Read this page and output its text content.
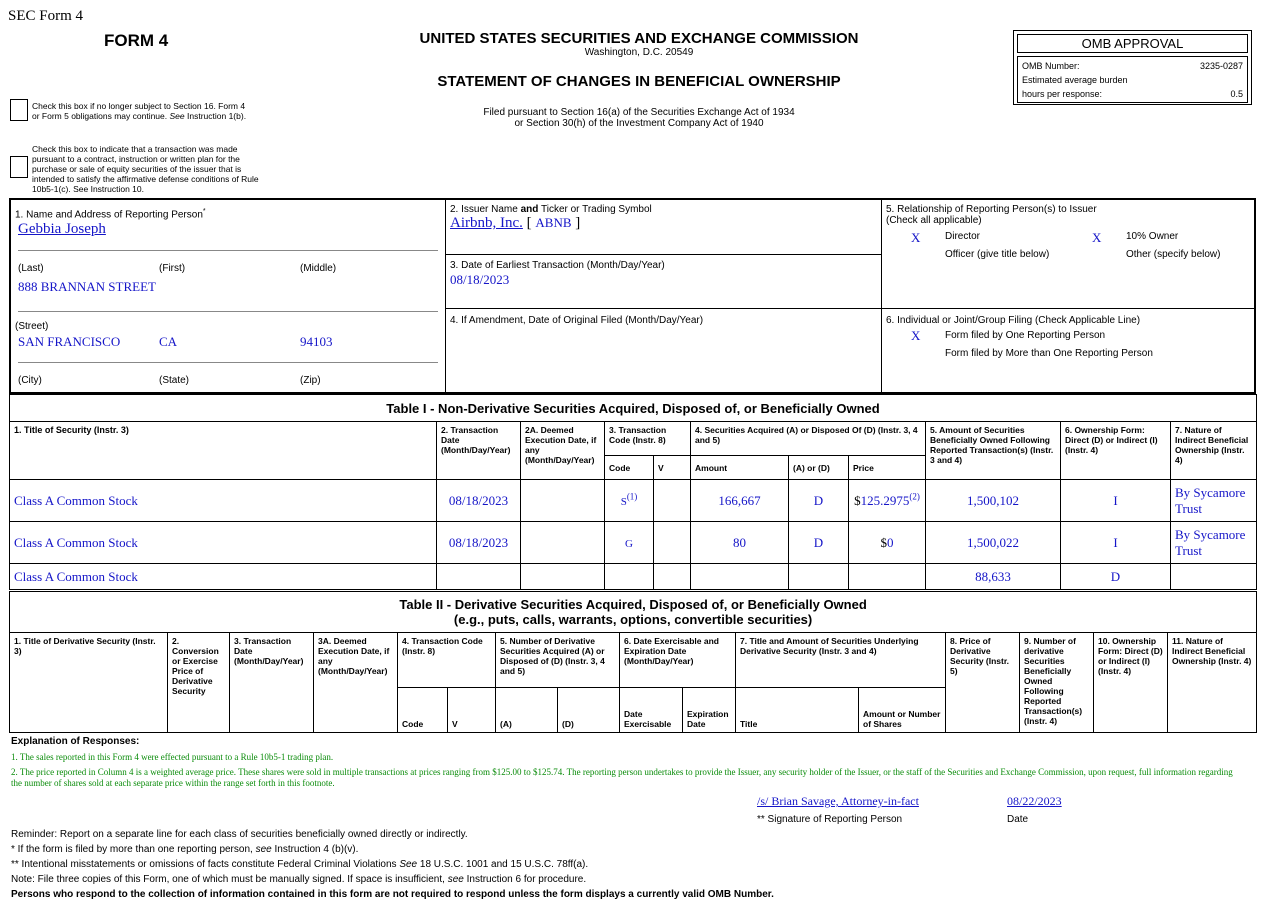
SEC Form 4
FORM 4	UNITED STATES SECURITIES AND EXCHANGE COMMISSION
Washington, D.C. 20549
STATEMENT OF CHANGES IN BENEFICIAL OWNERSHIP
Filed pursuant to Section 16(a) of the Securities Exchange Act of 1934
or Section 30(h) of the Investment Company Act of 1940
OMB APPROVAL
OMB Number:	3235-0287
Estimated average burden
hours per response:	0.5
Check this box if no longer subject to Section 16. Form 4
or Form 5 obligations may continue. See Instruction 1(b).
Check this box to indicate that a transaction was made pursuant to a contract, instruction or written plan for the purchase or sale of equity securities of the issuer that is intended to satisfy the affirmative defense conditions of Rule 10b5-1(c). See Instruction 10.
1. Name and Address of Reporting Person*
Gebbia Joseph
(Last)	(First)	(Middle)
888 BRANNAN STREET
(Street)
SAN FRANCISCO	CA	94103
(City)	(State)	(Zip)
2. Issuer Name and Ticker or Trading Symbol
Airbnb, Inc. [ ABNB ]
3. Date of Earliest Transaction (Month/Day/Year)
08/18/2023
4. If Amendment, Date of Original Filed (Month/Day/Year)
5. Relationship of Reporting Person(s) to Issuer
(Check all applicable)
X Director	X 10% Owner
Officer (give title below)	Other (specify below)
6. Individual or Joint/Group Filing (Check Applicable Line)
X Form filed by One Reporting Person
Form filed by More than One Reporting Person
Table I - Non-Derivative Securities Acquired, Disposed of, or Beneficially Owned										
1. Title of Security (Instr. 3)	2. Transaction Date (Month/Day/Year)	2A. Deemed Execution Date, if any (Month/Day/Year)	3. Transaction Code (Instr. 8)		4. Securities Acquired (A) or Disposed Of (D) (Instr. 3, 4 and 5)			5. Amount of Securities Beneficially Owned Following Reported Transaction(s) (Instr. 3 and 4)	6. Ownership Form: Direct (D) or Indirect (I) (Instr. 4)	7. Nature of Indirect Beneficial Ownership (Instr. 4)
			Code	V	Amount	(A) or (D)	Price			
Class A Common Stock	08/18/2023		S$^{(1)}$		166,667	D	$125.2975$^{(2)}$	1,500,102	I	By Sycamore Trust
Class A Common Stock	08/18/2023		G		80	D	$0	1,500,022	I	By Sycamore Trust
Class A Common Stock								88,633	D	
Table II - Derivative Securities Acquired, Disposed of, or Beneficially Owned
(e.g., puts, calls, warrants, options, convertible securities)															

1. Title of Derivative Security (Instr. 3)	2. Conversion or Exercise Price of Derivative Security	3. Transaction Date (Month/Day/Year)	3A. Deemed Execution Date, if any (Month/Day/Year)	4. Transaction Code (Instr. 8)		5. Number of Derivative Securities Acquired (A) or Disposed of (D) (Instr. 3, 4 and 5)		6. Date Exercisable and Expiration Date (Month/Day/Year)		7. Title and Amount of Securities Underlying Derivative Security (Instr. 3 and 4)		8. Price of Derivative Security (Instr. 5)	9. Number of derivative Securities Beneficially Owned Following Reported Transaction(s) (Instr. 4)	10. Ownership Form: Direct (D) or Indirect (I) (Instr. 4)	11. Nature of Indirect Beneficial Ownership (Instr. 4)
				Code	V	(A)	(D)	Date Exercisable	Expiration Date	Title	Amount or Number of Shares				
Explanation of Responses:
1. The sales reported in this Form 4 were effected pursuant to a Rule 10b5-1 trading plan.
2. The price reported in Column 4 is a weighted average price. These shares were sold in multiple transactions at prices ranging from $125.00 to $125.74. The reporting person undertakes to provide the Issuer, any security holder of the Issuer, or the staff of the Securities and Exchange Commission, upon request, full information regarding the number of shares sold at each separate price within the range set forth in this footnote.
/s/ Brian Savage, Attorney-in-fact	08/22/2023
** Signature of Reporting Person	Date
Reminder: Report on a separate line for each class of securities beneficially owned directly or indirectly.
* If the form is filed by more than one reporting person, see Instruction 4 (b)(v).
** Intentional misstatements or omissions of facts constitute Federal Criminal Violations See 18 U.S.C. 1001 and 15 U.S.C. 78ff(a).
Note: File three copies of this Form, one of which must be manually signed. If space is insufficient, see Instruction 6 for procedure.
Persons who respond to the collection of information contained in this form are not required to respond unless the form displays a currently valid OMB Number.
